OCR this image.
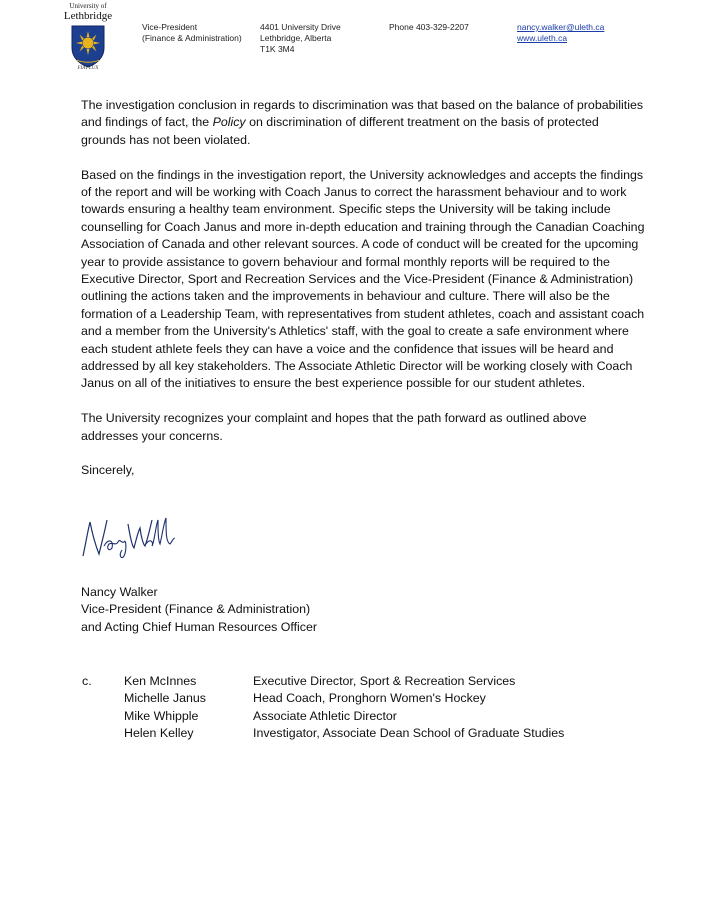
University of
Lethbridge
FIAT LUX
Vice-President
(Finance & Administration)
4401 University Drive
Lethbridge, Alberta
T1K 3M4
Phone 403-329-2207	nancy.walker@uleth.ca
www.uleth.ca

The investigation conclusion in regards to discrimination was that based on the balance of probabilities and findings of fact, the Policy on discrimination of different treatment on the basis of protected grounds has not been violated.

Based on the findings in the investigation report, the University acknowledges and accepts the findings of the report and will be working with Coach Janus to correct the harassment behaviour and to work towards ensuring a healthy team environment. Specific steps the University will be taking include counselling for Coach Janus and more in-depth education and training through the Canadian Coaching Association of Canada and other relevant sources. A code of conduct will be created for the upcoming year to provide assistance to govern behaviour and formal monthly reports will be required to the Executive Director, Sport and Recreation Services and the Vice-President (Finance & Administration) outlining the actions taken and the improvements in behaviour and culture. There will also be the formation of a Leadership Team, with representatives from student athletes, coach and assistant coach and a member from the University's Athletics' staff, with the goal to create a safe environment where each student athlete feels they can have a voice and the confidence that issues will be heard and addressed by all key stakeholders. The Associate Athletic Director will be working closely with Coach Janus on all of the initiatives to ensure the best experience possible for our student athletes.

The University recognizes your complaint and hopes that the path forward as outlined above addresses your concerns.

Sincerely,

Nancy Walker
Vice-President (Finance & Administration)
and Acting Chief Human Resources Officer
c.	Ken McInnes
Michelle Janus
Mike Whipple
Helen Kelley
Executive Director, Sport & Recreation Services
Head Coach, Pronghorn Women's Hockey
Associate Athletic Director
Investigator, Associate Dean School of Graduate Studies
